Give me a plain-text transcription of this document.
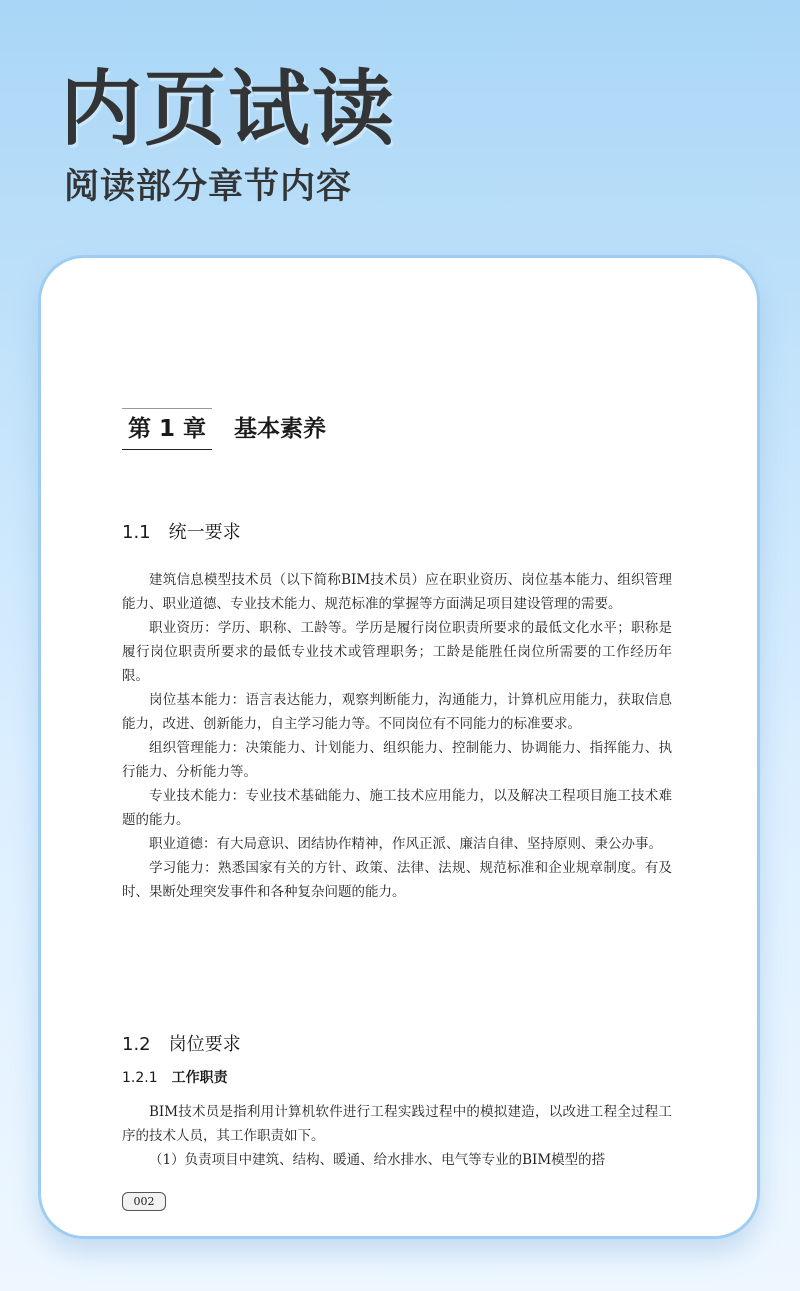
内页试读
阅读部分章节内容
第 1 章 基本素养
1.1 统一要求

建筑信息模型技术员（以下简称BIM技术员）应在职业资历、岗位基本能力、组织管理能力、职业道德、专业技术能力、规范标准的掌握等方面满足项目建设管理的需要。

职业资历：学历、职称、工龄等。学历是履行岗位职责所要求的最低文化水平；职称是履行岗位职责所要求的最低专业技术或管理职务；工龄是能胜任岗位所需要的工作经历年限。

岗位基本能力：语言表达能力，观察判断能力，沟通能力，计算机应用能力，获取信息能力，改进、创新能力，自主学习能力等。不同岗位有不同能力的标准要求。

组织管理能力：决策能力、计划能力、组织能力、控制能力、协调能力、指挥能力、执行能力、分析能力等。

专业技术能力：专业技术基础能力、施工技术应用能力，以及解决工程项目施工技术难题的能力。

职业道德：有大局意识、团结协作精神，作风正派、廉洁自律、坚持原则、秉公办事。

学习能力：熟悉国家有关的方针、政策、法律、法规、规范标准和企业规章制度。有及时、果断处理突发事件和各种复杂问题的能力。

1.2 岗位要求
1.2.1 工作职责

BIM技术员是指利用计算机软件进行工程实践过程中的模拟建造，以改进工程全过程工序的技术人员，其工作职责如下。

（1）负责项目中建筑、结构、暖通、给水排水、电气等专业的BIM模型的搭

002
